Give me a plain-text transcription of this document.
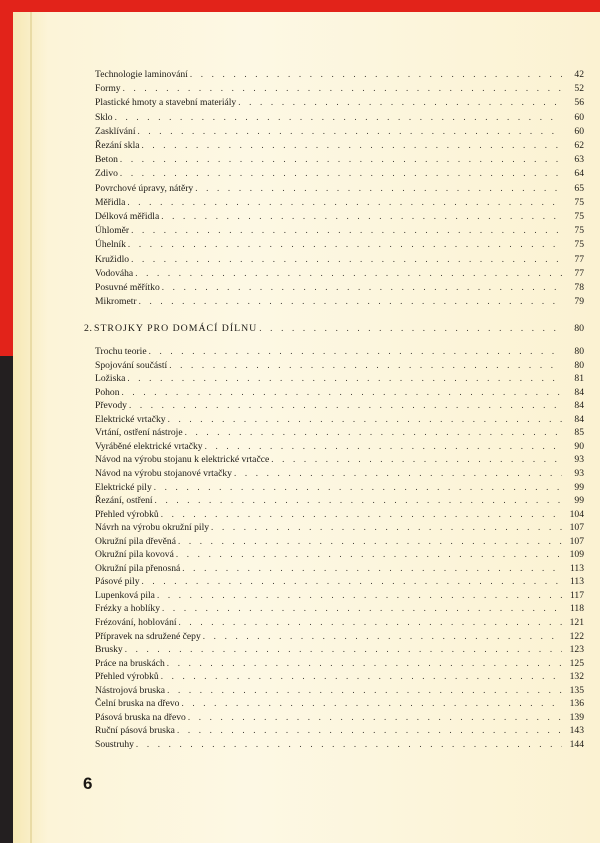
Technologie laminování . . .	42
Formy . . .	52
Plastické hmoty a stavební materiály . . .	56
Sklo . . .	60
Zasklívání . . .	60
Řezání skla . . .	62
Beton . . .	63
Zdivo . . .	64
Povrchové úpravy, nátěry . . .	65
Měřidla . . .	75
Délková měřidla . . .	75
Úhloměr . . .	75
Úhelník . . .	75
Kružidlo . . .	77
Vodováha . . .	77
Posuvné měřítko . . .	78
Mikrometr . . .	79
2. STROJKY PRO DOMÁCÍ DÍLNU . . .	80
Trochu teorie . . .	80
Spojování součástí . . .	80
Ložiska . . .	81
Pohon . . .	84
Převody . . .	84
Elektrické vrtačky . . .	84
Vrtání, ostření nástroje . . .	85
Vyráběné elektrické vrtačky . . .	90
Návod na výrobu stojanu k elektrické vrtačce . . .	93
Návod na výrobu stojanové vrtačky . . .	93
Elektrické pily . . .	99
Řezání, ostření . . .	99
Přehled výrobků . . .	104
Návrh na výrobu okružní pily . . .	107
Okružní pila dřevěná . . .	107
Okružní pila kovová . . .	109
Okružní pila přenosná . . .	113
Pásové pily . . .	113
Lupenková pila . . .	117
Frézky a hoblíky . . .	118
Frézování, hoblování . . .	121
Přípravek na sdružené čepy . . .	122
Brusky . . .	123
Práce na bruskách . . .	125
Přehled výrobků . . .	132
Nástrojová bruska . . .	135
Čelní bruska na dřevo . . .	136
Pásová bruska na dřevo . . .	139
Ruční pásová bruska . . .	143
Soustruhy . . .	144
6
